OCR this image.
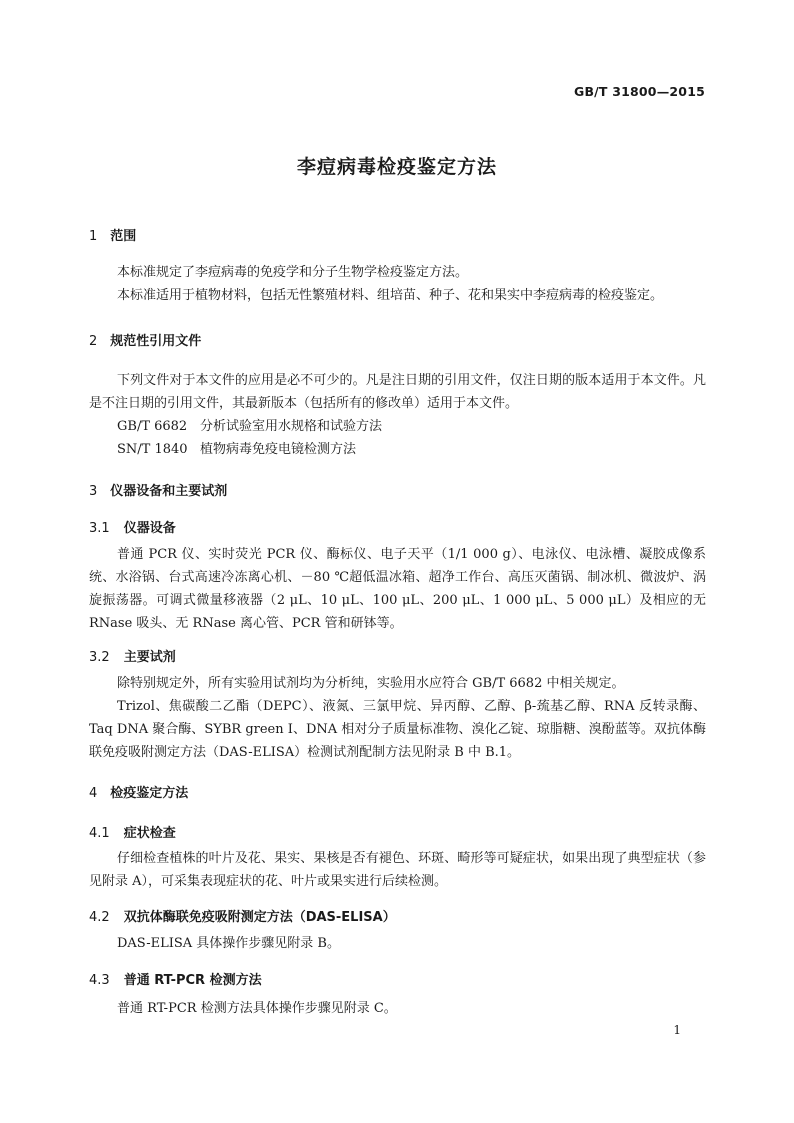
GB/T 31800—2015
李痘病毒检疫鉴定方法
1 范围
本标准规定了李痘病毒的免疫学和分子生物学检疫鉴定方法。
本标准适用于植物材料，包括无性繁殖材料、组培苗、种子、花和果实中李痘病毒的检疫鉴定。
2 规范性引用文件
下列文件对于本文件的应用是必不可少的。凡是注日期的引用文件，仅注日期的版本适用于本文件。凡是不注日期的引用文件，其最新版本（包括所有的修改单）适用于本文件。
GB/T 6682 分析试验室用水规格和试验方法
SN/T 1840 植物病毒免疫电镜检测方法
3 仪器设备和主要试剂
3.1 仪器设备
普通 PCR 仪、实时荧光 PCR 仪、酶标仪、电子天平（1/1 000 g）、电泳仪、电泳槽、凝胶成像系统、水浴锅、台式高速冷冻离心机、－80 ℃超低温冰箱、超净工作台、高压灭菌锅、制冰机、微波炉、涡旋振荡器。可调式微量移液器（2 μL、10 μL、100 μL、200 μL、1 000 μL、5 000 μL）及相应的无 RNase 吸头、无 RNase 离心管、PCR 管和研钵等。
3.2 主要试剂
除特别规定外，所有实验用试剂均为分析纯，实验用水应符合 GB/T 6682 中相关规定。
Trizol、焦碳酸二乙酯（DEPC）、液氮、三氯甲烷、异丙醇、乙醇、β-巯基乙醇、RNA 反转录酶、Taq DNA 聚合酶、SYBR green Ⅰ、DNA 相对分子质量标准物、溴化乙锭、琼脂糖、溴酚蓝等。双抗体酶联免疫吸附测定方法（DAS-ELISA）检测试剂配制方法见附录 B 中 B.1。
4 检疫鉴定方法
4.1 症状检查
仔细检查植株的叶片及花、果实、果核是否有褪色、环斑、畸形等可疑症状，如果出现了典型症状（参见附录 A），可采集表现症状的花、叶片或果实进行后续检测。
4.2 双抗体酶联免疫吸附测定方法（DAS-ELISA）
DAS-ELISA 具体操作步骤见附录 B。
4.3 普通 RT-PCR 检测方法
普通 RT-PCR 检测方法具体操作步骤见附录 C。
1
